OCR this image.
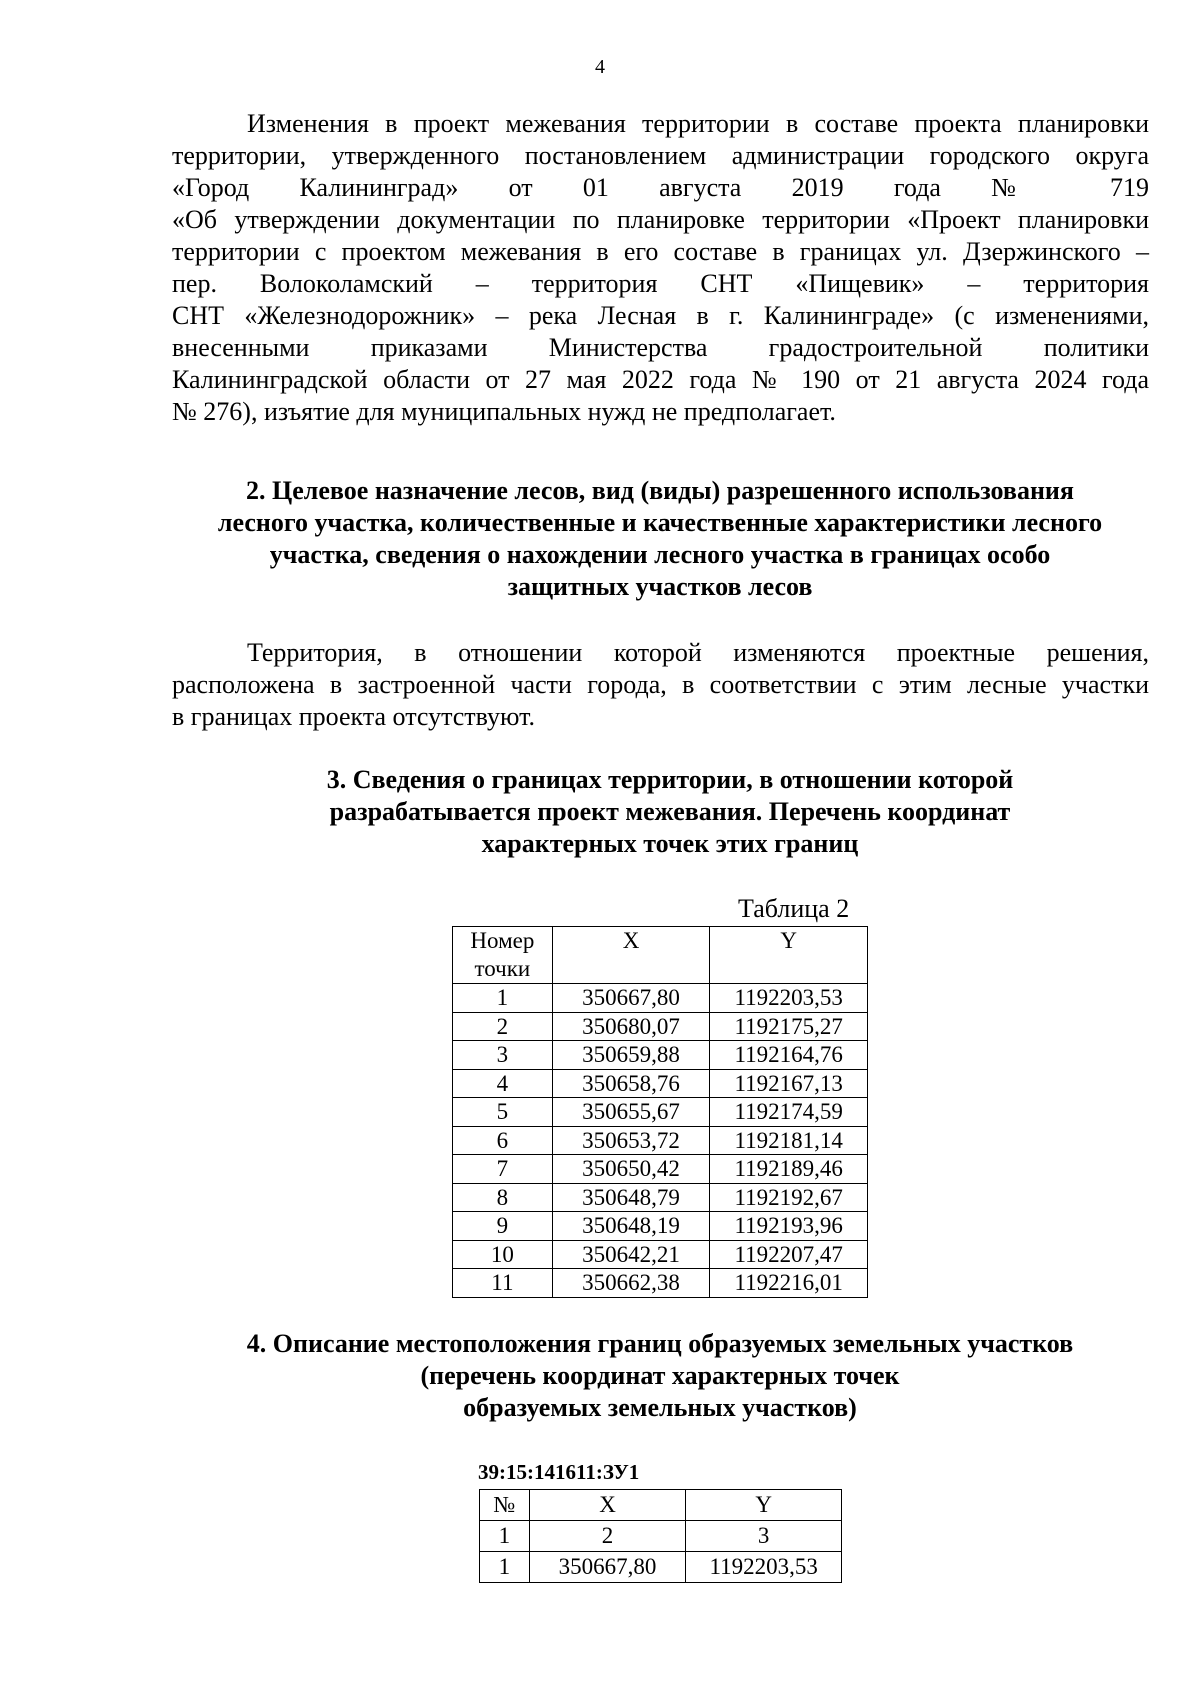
4
Изменения в проект межевания территории в составе проекта планировки
территории, утвержденного постановлением администрации городского округа
«Город Калининград» от 01 августа 2019 года № 719
«Об утверждении документации по планировке территории «Проект планировки
территории с проектом межевания в его составе в границах ул. Дзержинского –
пер. Волоколамский – территория СНТ «Пищевик» – территория
СНТ «Железнодорожник» – река Лесная в г. Калининграде» (с изменениями,
внесенными приказами Министерства градостроительной политики
Калининградской области от 27 мая 2022 года № 190 от 21 августа 2024 года
№ 276), изъятие для муниципальных нужд не предполагает.
2. Целевое назначение лесов, вид (виды) разрешенного использования
лесного участка, количественные и качественные характеристики лесного
участка, сведения о нахождении лесного участка в границах особо
защитных участков лесов
Территория, в отношении которой изменяются проектные решения,
расположена в застроенной части города, в соответствии с этим лесные участки
в границах проекта отсутствуют.
3. Сведения о границах территории, в отношении которой
разрабатывается проект межевания. Перечень координат
характерных точек этих границ
Таблица 2
Номер точки	X	Y
1	350667,80	1192203,53
2	350680,07	1192175,27
3	350659,88	1192164,76
4	350658,76	1192167,13
5	350655,67	1192174,59
6	350653,72	1192181,14
7	350650,42	1192189,46
8	350648,79	1192192,67
9	350648,19	1192193,96
10	350642,21	1192207,47
11	350662,38	1192216,01
4. Описание местоположения границ образуемых земельных участков
(перечень координат характерных точек
образуемых земельных участков)
39:15:141611:ЗУ1
№	X	Y
1	2	3
1	350667,80	1192203,53
